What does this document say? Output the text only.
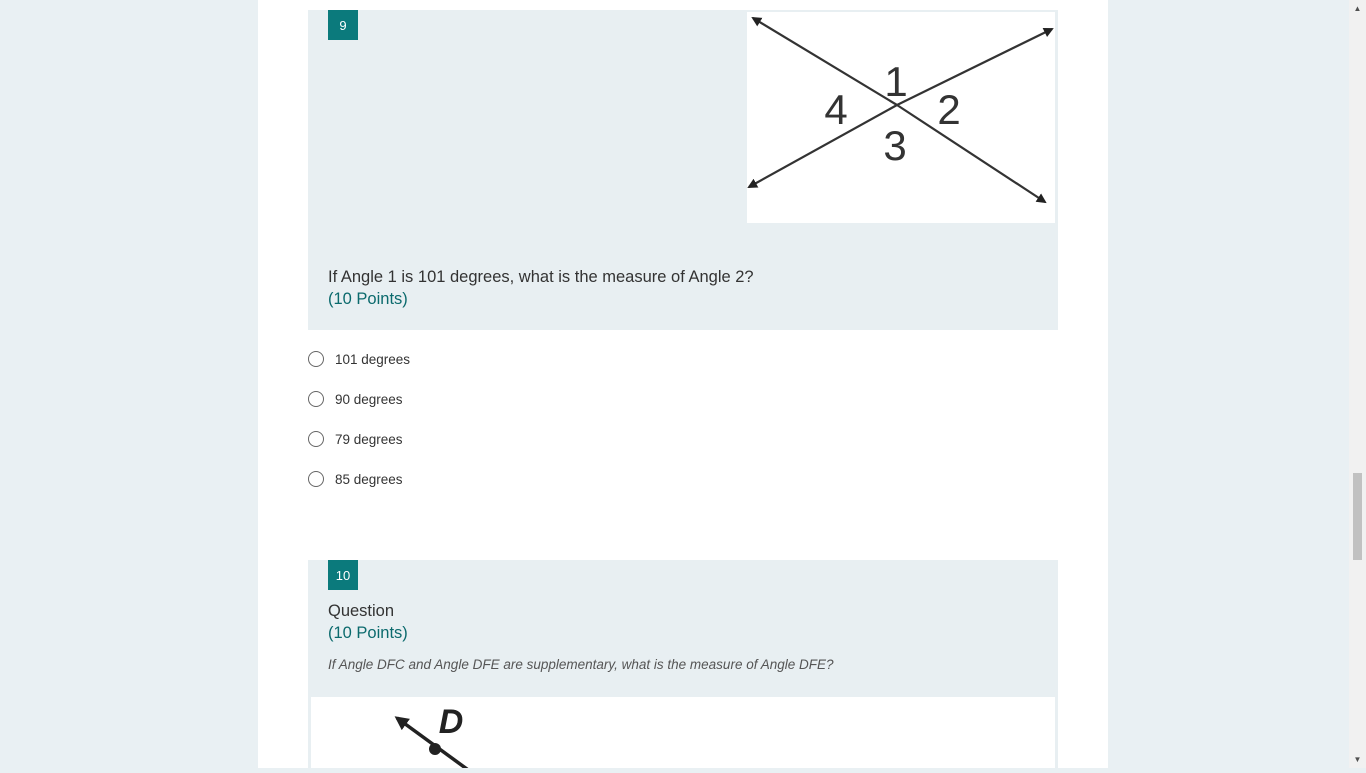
9
1
2
3
4
If Angle 1 is 101 degrees, what is the measure of Angle 2?
(10 Points)
101 degrees
90 degrees
79 degrees
85 degrees
10
Question
(10 Points)
If Angle DFC and Angle DFE are supplementary, what is the measure of Angle DFE?
D
▲
▼
